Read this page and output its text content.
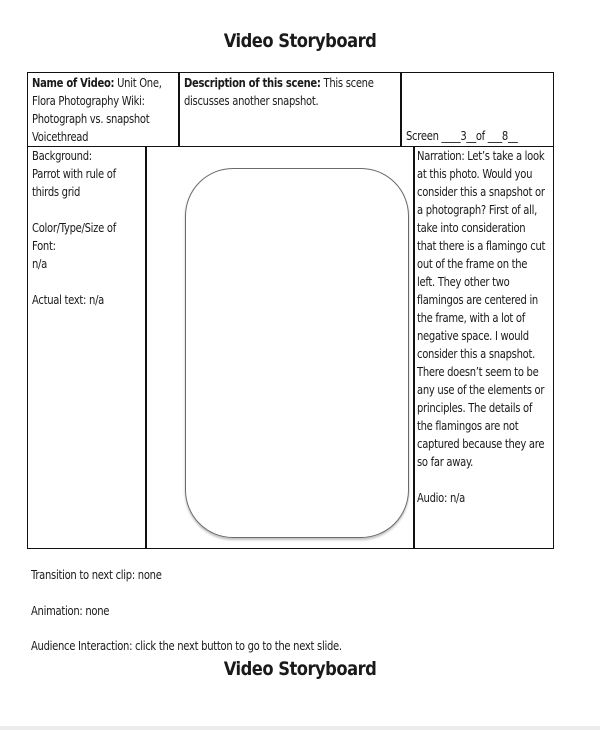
Video Storyboard
Name of Video: Unit One,
Flora Photography Wiki:
Photograph vs. snapshot
Voicethread
Description of this scene: This scene
discusses another snapshot.
Screen ____3__of ___8__
Background:
Parrot with rule of
thirds grid

Color/Type/Size of
Font:
n/a

Actual text: n/a
Narration: Let’s take a look
at this photo. Would you
consider this a snapshot or
a photograph? First of all,
take into consideration
that there is a flamingo cut
out of the frame on the
left. They other two
flamingos are centered in
the frame, with a lot of
negative space. I would
consider this a snapshot.
There doesn’t seem to be
any use of the elements or
principles. The details of
the flamingos are not
captured because they are
so far away.

Audio: n/a
Transition to next clip: none
Animation: none
Audience Interaction: click the next button to go to the next slide.
Video Storyboard
